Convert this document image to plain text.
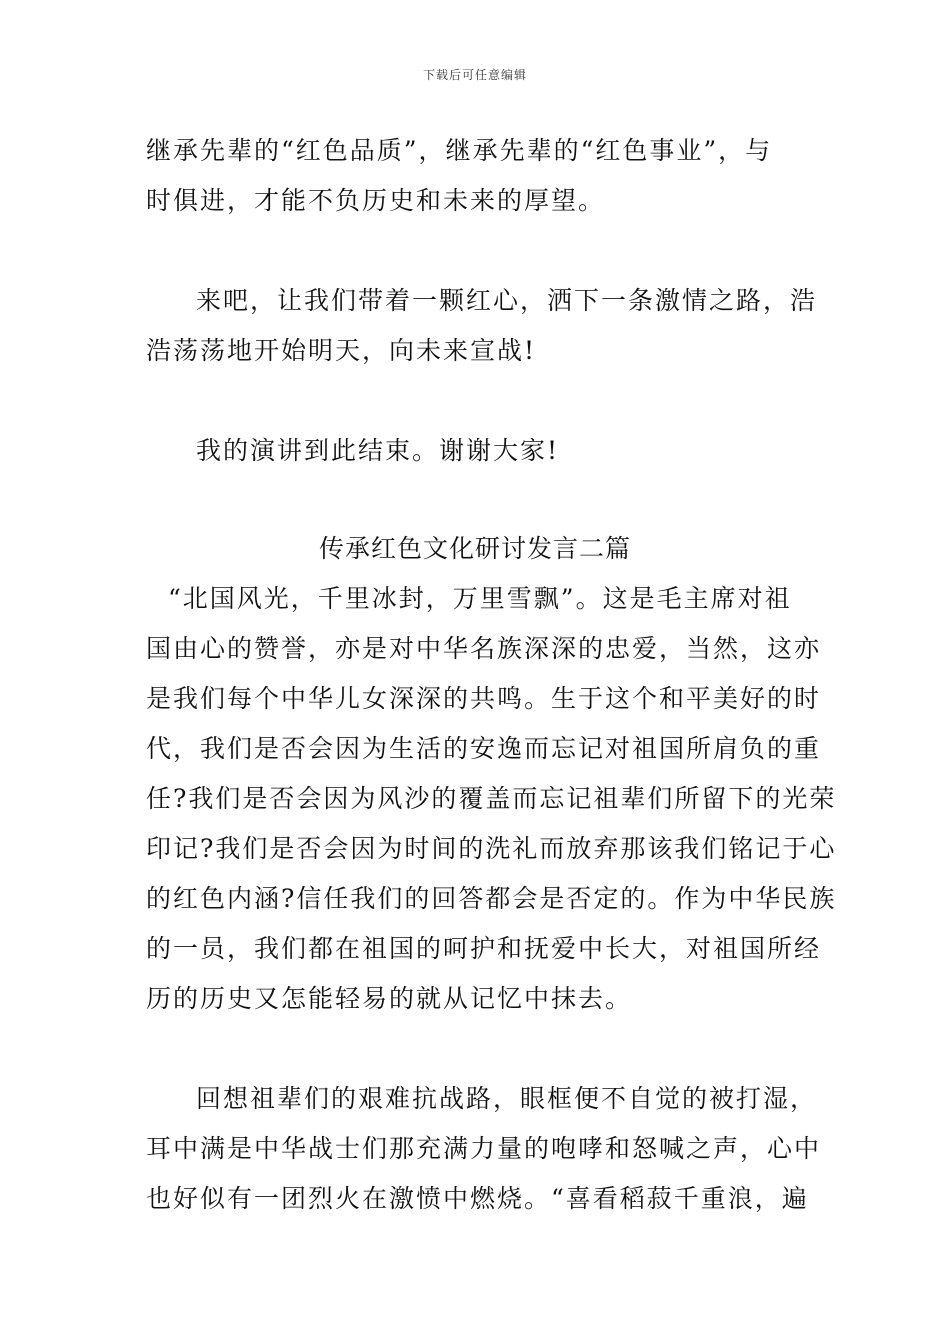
下载后可任意编辑
继承先辈的“红色品质”，继承先辈的“红色事业”，与
时俱进，才能不负历史和未来的厚望。
来吧，让我们带着一颗红心，洒下一条激情之路，浩
浩荡荡地开始明天，向未来宣战!
我的演讲到此结束。谢谢大家!
传承红色文化研讨发言二篇
“北国风光，千里冰封，万里雪飘”。这是毛主席对祖
国由心的赞誉，亦是对中华名族深深的忠爱，当然，这亦
是我们每个中华儿女深深的共鸣。生于这个和平美好的时
代，我们是否会因为生活的安逸而忘记对祖国所肩负的重
任?我们是否会因为风沙的覆盖而忘记祖辈们所留下的光荣
印记?我们是否会因为时间的洗礼而放弃那该我们铭记于心
的红色内涵?信任我们的回答都会是否定的。作为中华民族
的一员，我们都在祖国的呵护和抚爱中长大，对祖国所经
历的历史又怎能轻易的就从记忆中抹去。
回想祖辈们的艰难抗战路，眼框便不自觉的被打湿，
耳中满是中华战士们那充满力量的咆哮和怒喊之声，心中
也好似有一团烈火在激愤中燃烧。“喜看稻菽千重浪，遍
